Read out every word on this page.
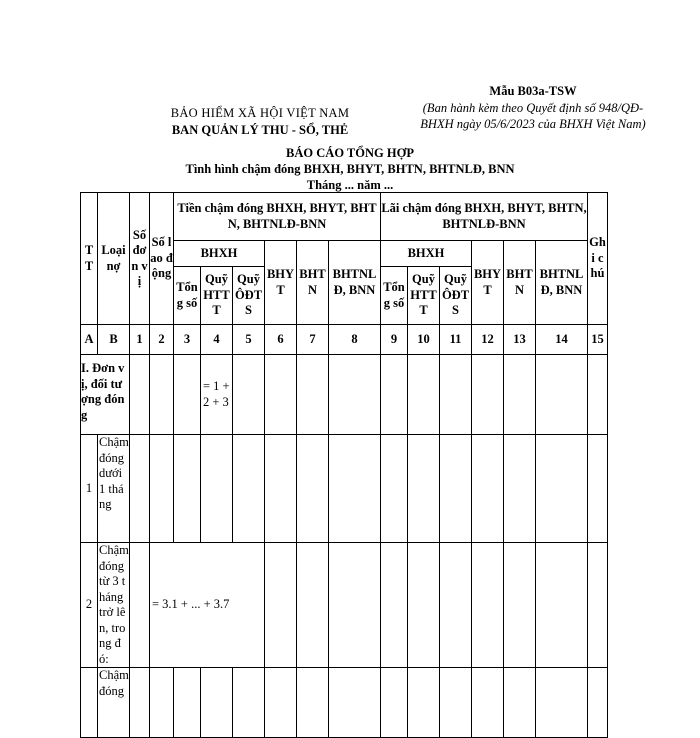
BẢO HIỂM XÃ HỘI VIỆT NAM
BAN QUẢN LÝ THU - SỔ, THẺ
Mẫu B03a-TSW
(Ban hành kèm theo Quyết định số 948/QĐ-BHXH ngày 05/6/2023 của BHXH Việt Nam)
BÁO CÁO TỔNG HỢP
Tình hình chậm đóng BHXH, BHYT, BHTN, BHTNLĐ, BNN
Tháng ... năm ...
TT	Loại nợ	Số đơn vị	Số lao động	Tiền chậm đóng BHXH, BHYT, BHTN, BHTNLĐ-BNN						Lãi chậm đóng BHXH, BHYT, BHTN, BHTNLĐ-BNN						Ghi chú
				BHXH			BHYT	BHTN	BHTNLĐ, BNN	BHXH			BHYT	BHTN	BHTNLĐ, BNN	
				Tổng số	Quỹ HTTT	Quỹ ÔĐTS				Tổng số	Quỹ HTTT	Quỹ ÔĐTS				
A	B	1	2	3	4	5	6	7	8	9	10	11	12	13	14	15
I. Đơn vị, đối tượng đóng					= 1 + 2 + 3											
1	Chậm đóng dưới 1 tháng															
2	Chậm đóng từ 3 tháng trở lên, trong đó:		= 3.1 + ... + 3.7													
	Chậm đóng															
